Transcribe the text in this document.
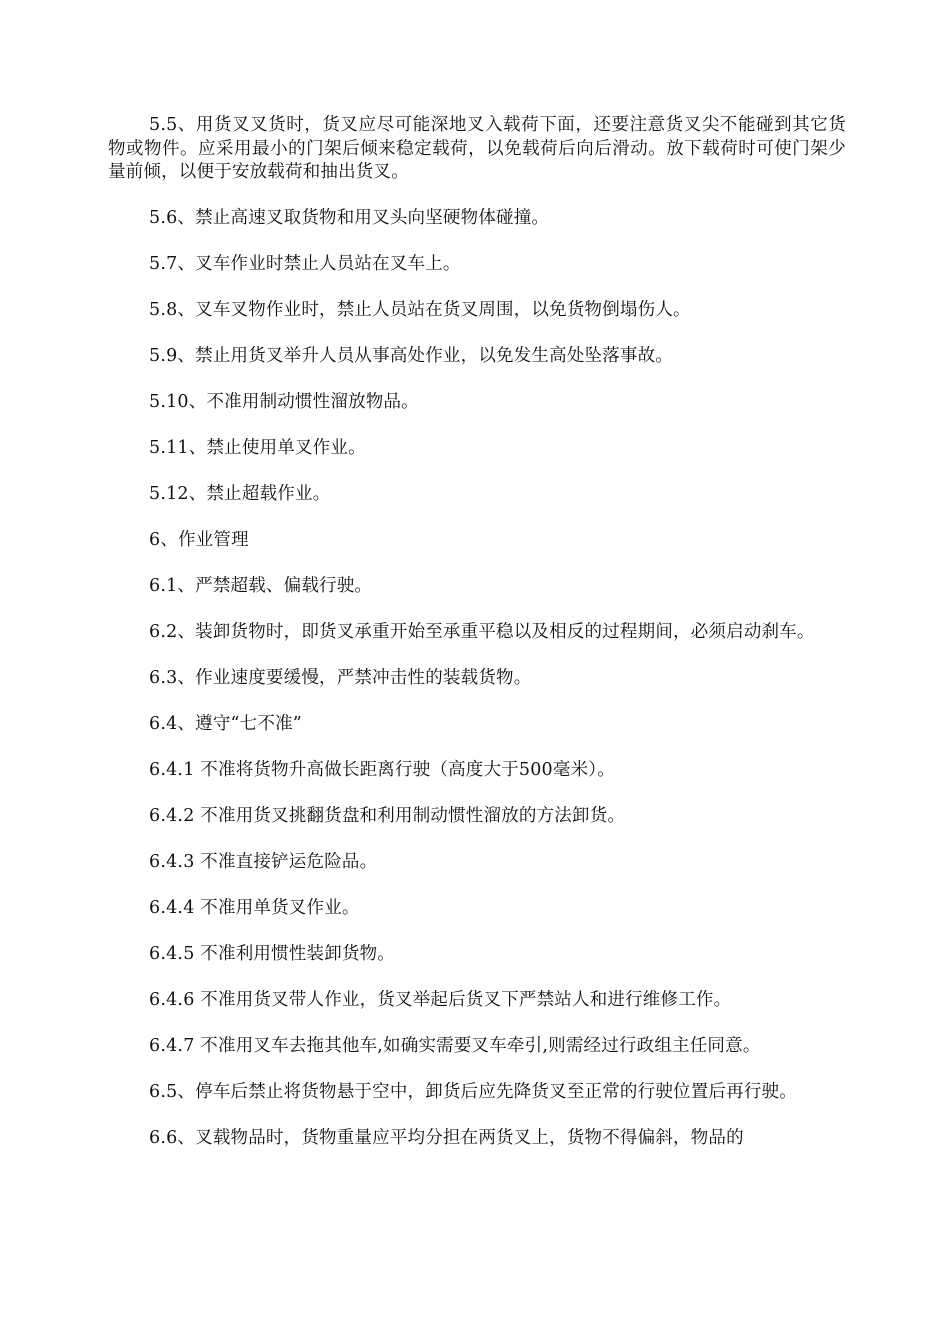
5.5、用货叉叉货时，货叉应尽可能深地叉入载荷下面，还要注意货叉尖不能碰到其它货物或物件。应采用最小的门架后倾来稳定载荷，以免载荷后向后滑动。放下载荷时可使门架少量前倾，以便于安放载荷和抽出货叉。

5.6、禁止高速叉取货物和用叉头向坚硬物体碰撞。

5.7、叉车作业时禁止人员站在叉车上。

5.8、叉车叉物作业时，禁止人员站在货叉周围，以免货物倒塌伤人。

5.9、禁止用货叉举升人员从事高处作业，以免发生高处坠落事故。

5.10、不准用制动惯性溜放物品。

5.11、禁止使用单叉作业。

5.12、禁止超载作业。

6、作业管理

6.1、严禁超载、偏载行驶。

6.2、装卸货物时，即货叉承重开始至承重平稳以及相反的过程期间，必须启动刹车。

6.3、作业速度要缓慢，严禁冲击性的装载货物。

6.4、遵守“七不准”

6.4.1 不准将货物升高做长距离行驶（高度大于500毫米）。

6.4.2 不准用货叉挑翻货盘和利用制动惯性溜放的方法卸货。

6.4.3 不准直接铲运危险品。

6.4.4 不准用单货叉作业。

6.4.5 不准利用惯性装卸货物。

6.4.6 不准用货叉带人作业，货叉举起后货叉下严禁站人和进行维修工作。

6.4.7 不准用叉车去拖其他车,如确实需要叉车牵引,则需经过行政组主任同意。

6.5、停车后禁止将货物悬于空中，卸货后应先降货叉至正常的行驶位置后再行驶。

6.6、叉载物品时，货物重量应平均分担在两货叉上，货物不得偏斜，物品的
